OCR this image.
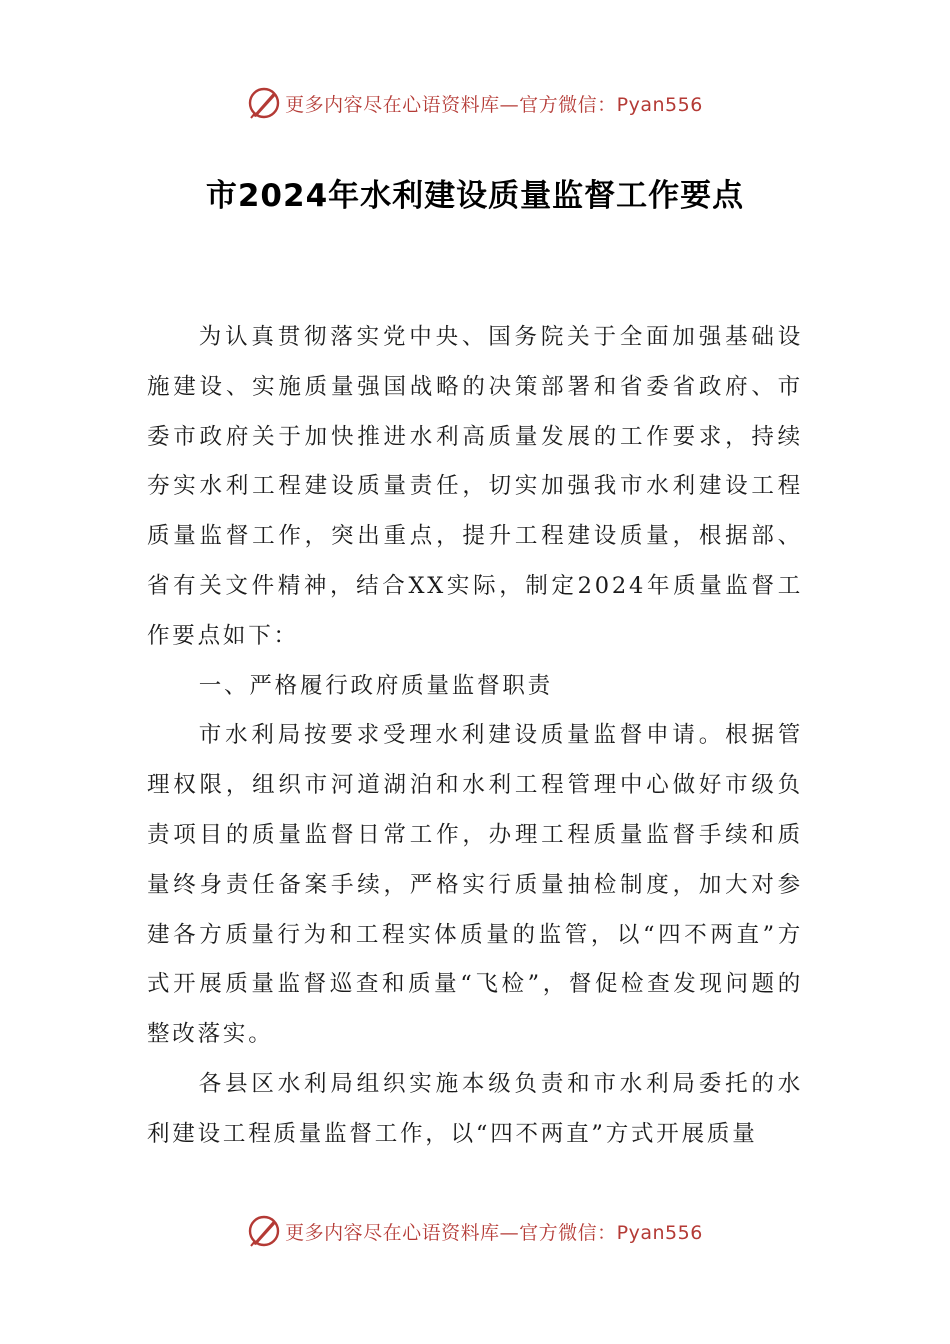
更多内容尽在心语资料库—官方微信：Pyan556
市2024年水利建设质量监督工作要点

为认真贯彻落实党中央、国务院关于全面加强基础设施建设、实施质量强国战略的决策部署和省委省政府、市委市政府关于加快推进水利高质量发展的工作要求，持续夯实水利工程建设质量责任，切实加强我市水利建设工程质量监督工作，突出重点，提升工程建设质量，根据部、省有关文件精神，结合XX实际，制定2024年质量监督工作要点如下：

一、严格履行政府质量监督职责

市水利局按要求受理水利建设质量监督申请。根据管理权限，组织市河道湖泊和水利工程管理中心做好市级负责项目的质量监督日常工作，办理工程质量监督手续和质量终身责任备案手续，严格实行质量抽检制度，加大对参建各方质量行为和工程实体质量的监管，以“四不两直”方式开展质量监督巡查和质量“飞检”，督促检查发现问题的整改落实。

各县区水利局组织实施本级负责和市水利局委托的水利建设工程质量监督工作，以“四不两直”方式开展质量

更多内容尽在心语资料库—官方微信：Pyan556
